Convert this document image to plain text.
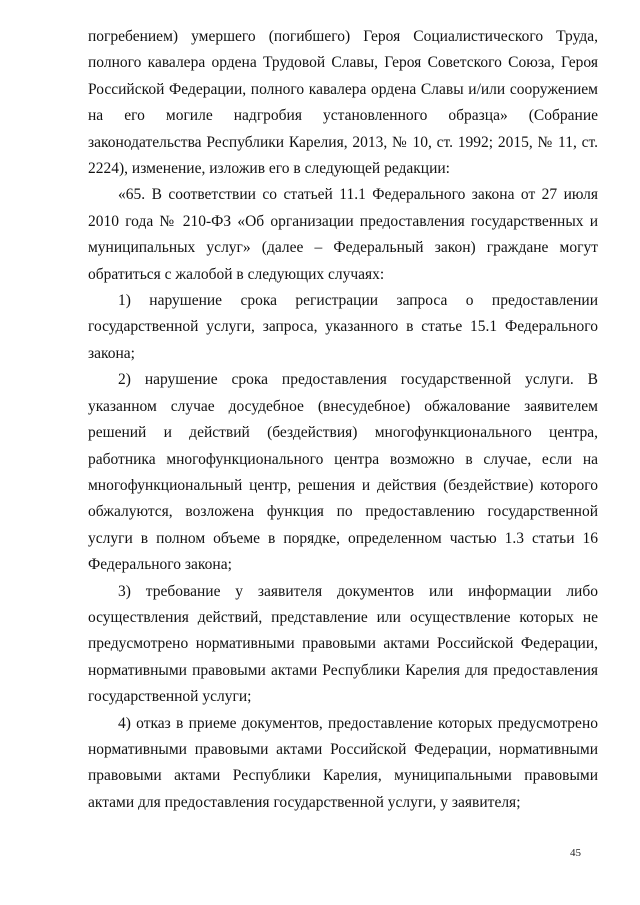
погребением) умершего (погибшего) Героя Социалистического Труда, полного кавалера ордена Трудовой Славы, Героя Советского Союза, Героя Российской Федерации, полного кавалера ордена Славы и/или сооружением на его могиле надгробия установленного образца» (Собрание законодательства Республики Карелия, 2013, № 10, ст. 1992; 2015, № 11, ст. 2224), изменение, изложив его в следующей редакции:

«65. В соответствии со статьей 11.1 Федерального закона от 27 июля 2010 года № 210-ФЗ «Об организации предоставления государственных и муниципальных услуг» (далее – Федеральный закон) граждане могут обратиться с жалобой в следующих случаях:

1) нарушение срока регистрации запроса о предоставлении государственной услуги, запроса, указанного в статье 15.1 Федерального закона;

2) нарушение срока предоставления государственной услуги. В указанном случае досудебное (внесудебное) обжалование заявителем решений и действий (бездействия) многофункционального центра, работника многофункционального центра возможно в случае, если на многофункциональный центр, решения и действия (бездействие) которого обжалуются, возложена функция по предоставлению государственной услуги в полном объеме в порядке, определенном частью 1.3 статьи 16 Федерального закона;

3) требование у заявителя документов или информации либо осуществления действий, представление или осуществление которых не предусмотрено нормативными правовыми актами Российской Федерации, нормативными правовыми актами Республики Карелия для предоставления государственной услуги;

4) отказ в приеме документов, предоставление которых предусмотрено нормативными правовыми актами Российской Федерации, нормативными правовыми актами Республики Карелия, муниципальными правовыми актами для предоставления государственной услуги, у заявителя;

45
